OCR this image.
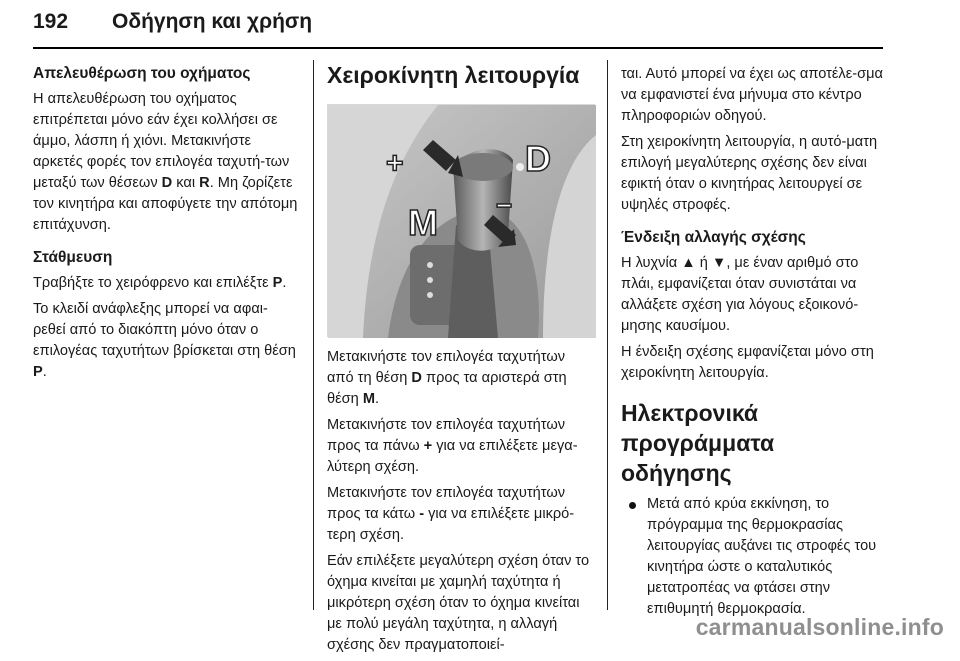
192 Οδήγηση και χρήση
Απελευθέρωση του οχήματος

Η απελευθέρωση του οχήματος επιτρέπεται μόνο εάν έχει κολλήσει σε άμμο, λάσπη ή χιόνι. Μετακινήστε αρκετές φορές τον επιλογέα ταχυτή-των μεταξύ των θέσεων D και R. Μη ζορίζετε τον κινητήρα και αποφύγετε την απότομη επιτάχυνση.

Στάθμευση

Τραβήξτε το χειρόφρενο και επιλέξτε P.

Το κλειδί ανάφλεξης μπορεί να αφαι-ρεθεί από το διακόπτη μόνο όταν ο επιλογέας ταχυτήτων βρίσκεται στη θέση P.

Χειροκίνητη λειτουργία
+	D
M −

Μετακινήστε τον επιλογέα ταχυτήτων από τη θέση D προς τα αριστερά στη θέση M.

Μετακινήστε τον επιλογέα ταχυτήτων προς τα πάνω + για να επιλέξετε μεγα-λύτερη σχέση.

Μετακινήστε τον επιλογέα ταχυτήτων προς τα κάτω - για να επιλέξετε μικρό-τερη σχέση.

Εάν επιλέξετε μεγαλύτερη σχέση όταν το όχημα κινείται με χαμηλή ταχύτητα ή μικρότερη σχέση όταν το όχημα κινείται με πολύ μεγάλη ταχύτητα, η αλλαγή σχέσης δεν πραγματοποιεί-

ται. Αυτό μπορεί να έχει ως αποτέλε-σμα να εμφανιστεί ένα μήνυμα στο κέντρο πληροφοριών οδηγού.

Στη χειροκίνητη λειτουργία, η αυτό-ματη επιλογή μεγαλύτερης σχέσης δεν είναι εφικτή όταν ο κινητήρας λειτουργεί σε υψηλές στροφές.

Ένδειξη αλλαγής σχέσης

Η λυχνία ▲ ή ▼, με έναν αριθμό στο πλάι, εμφανίζεται όταν συνιστάται να αλλάξετε σχέση για λόγους εξοικονό-μησης καυσίμου.

Η ένδειξη σχέσης εμφανίζεται μόνο στη χειροκίνητη λειτουργία.

Ηλεκτρονικά προγράμματα οδήγησης
Μετά από κρύα εκκίνηση, το πρόγραμμα της θερμοκρασίας λειτουργίας αυξάνει τις στροφές του κινητήρα ώστε ο καταλυτικός μετατροπέας να φτάσει στην επιθυμητή θερμοκρασία.
carmanualsonline.info
